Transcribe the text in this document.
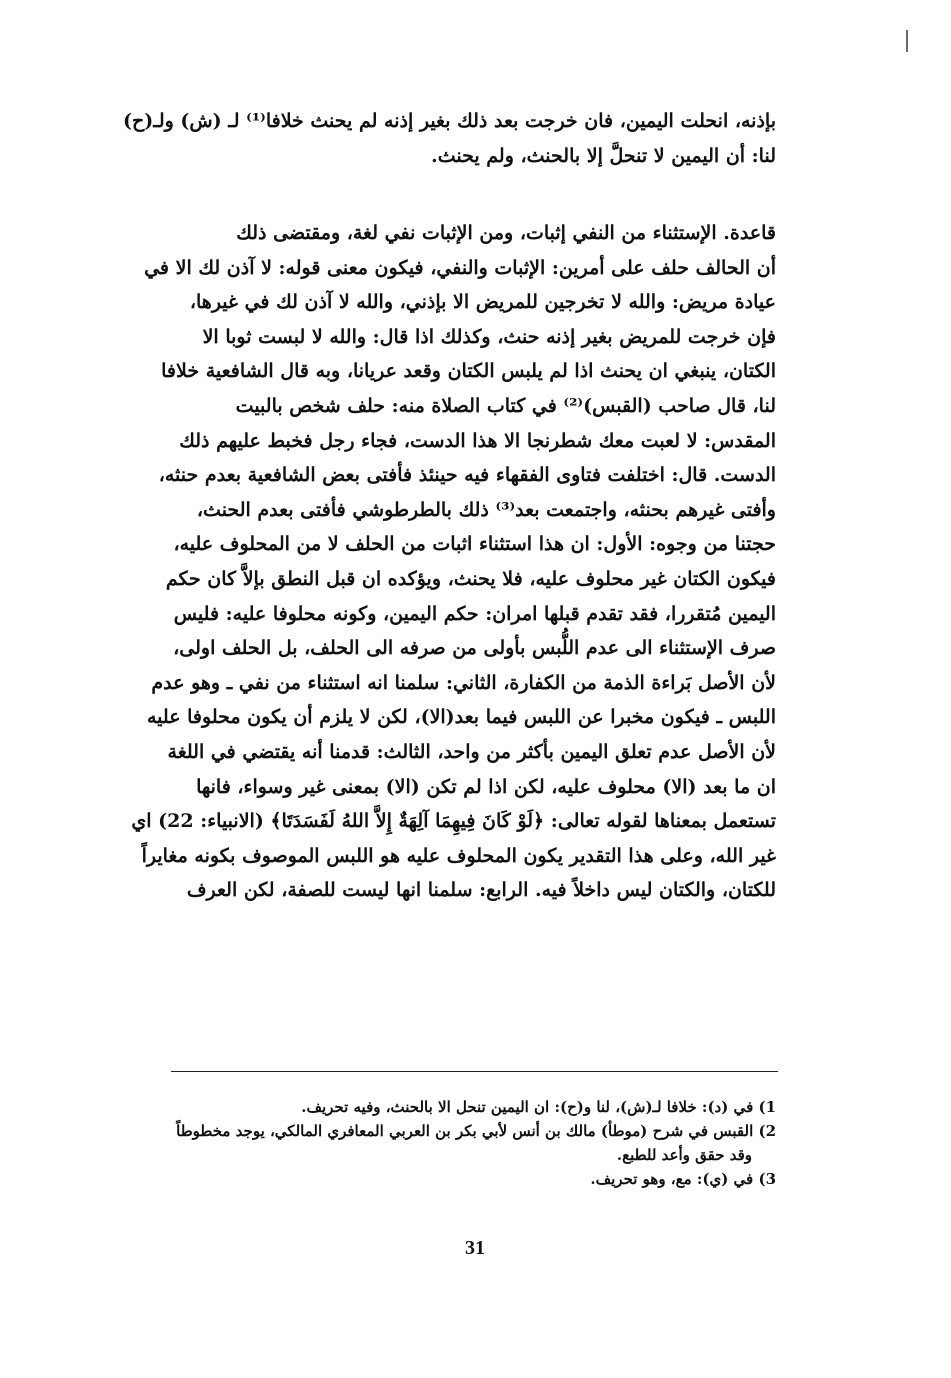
بإذنه، انحلت اليمين، فان خرجت بعد ذلك بغير إذنه لم يحنث خلافا⁽¹⁾ لـ (ش) ولـ(ح)
لنا: أن اليمين لا تنحلَّ إلا بالحنث، ولم يحنث.
قاعدة. الإستثناء من النفي إثبات، ومن الإثبات نفي لغة، ومقتضى ذلك
أن الحالف حلف على أمرين: الإثبات والنفي، فيكون معنى قوله: لا آذن لك الا في
عيادة مريض: والله لا تخرجين للمريض الا بإذني، والله لا آذن لك في غيرها،
فإن خرجت للمريض بغير إذنه حنث، وكذلك اذا قال: والله لا لبست ثوبا الا
الكتان، ينبغي ان يحنث اذا لم يلبس الكتان وقعد عريانا، وبه قال الشافعية خلافا
لنا، قال صاحب (القبس)⁽²⁾ في كتاب الصلاة منه: حلف شخص بالبيت
المقدس: لا لعبت معك شطرنجا الا هذا الدست، فجاء رجل فخبط عليهم ذلك
الدست. قال: اختلفت فتاوى الفقهاء فيه حينئذ فأفتى بعض الشافعية بعدم حنثه،
وأفتى غيرهم بحنثه، واجتمعت بعد⁽³⁾ ذلك بالطرطوشي فأفتى بعدم الحنث،
حجتنا من وجوه: الأول: ان هذا استثناء اثبات من الحلف لا من المحلوف عليه،
فيكون الكتان غير محلوف عليه، فلا يحنث، ويؤكده ان قبل النطق بإلاَّ كان حكم
اليمين مُتقررا، فقد تقدم قبلها امران: حكم اليمين، وكونه محلوفا عليه: فليس
صرف الإستثناء الى عدم اللُّبس بأولى من صرفه الى الحلف، بل الحلف اولى،
لأن الأصل بَراءة الذمة من الكفارة، الثاني: سلمنا انه استثناء من نفي ـ وهو عدم
اللبس ـ فيكون مخبرا عن اللبس فيما بعد(الا)، لكن لا يلزم أن يكون محلوفا عليه
لأن الأصل عدم تعلق اليمين بأكثر من واحد، الثالث: قدمنا أنه يقتضي في اللغة
ان ما بعد (الا) محلوف عليه، لكن اذا لم تكن (الا) بمعنى غير وسواء، فانها
تستعمل بمعناها لقوله تعالى: ﴿لَوْ كَانَ فِيهِمَا آلِهَةٌ إِلاَّ اللهُ لَفَسَدَتَا﴾ (الانبياء: 22) اي
غير الله، وعلى هذا التقدير يكون المحلوف عليه هو اللبس الموصوف بكونه مغايراً
للكتان، والكتان ليس داخلاً فيه. الرابع: سلمنا انها ليست للصفة، لكن العرف
1) في (د): خلافا لـ(ش)، لنا و(ح): ان اليمين تنحل الا بالحنث، وفيه تحريف.
2) القبس في شرح (موطأ) مالك بن أنس لأبي بكر بن العربي المعافري المالكي، يوجد مخطوطاً
وقد حقق وأعد للطبع.
3) في (ي): مع، وهو تحريف.
31
